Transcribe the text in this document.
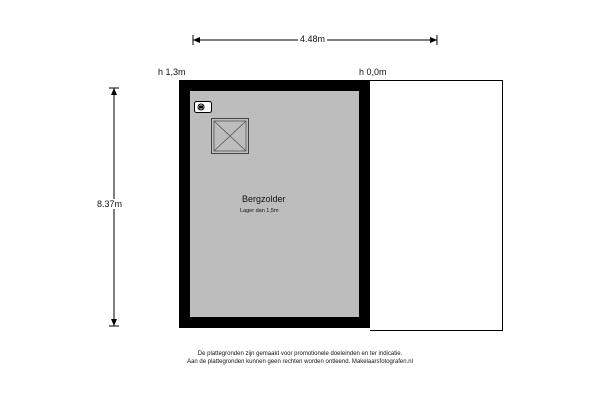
4.48m
8.37m
h 1,3m	h 0,0m
Bergzolder
Lager dan 1,5m
De plattegronden zijn gemaakt voor promotionele doeleinden en ter indicatie.
Aan de plattegronden kunnen geen rechten worden ontleend. Makelaarsfotografen.nl
